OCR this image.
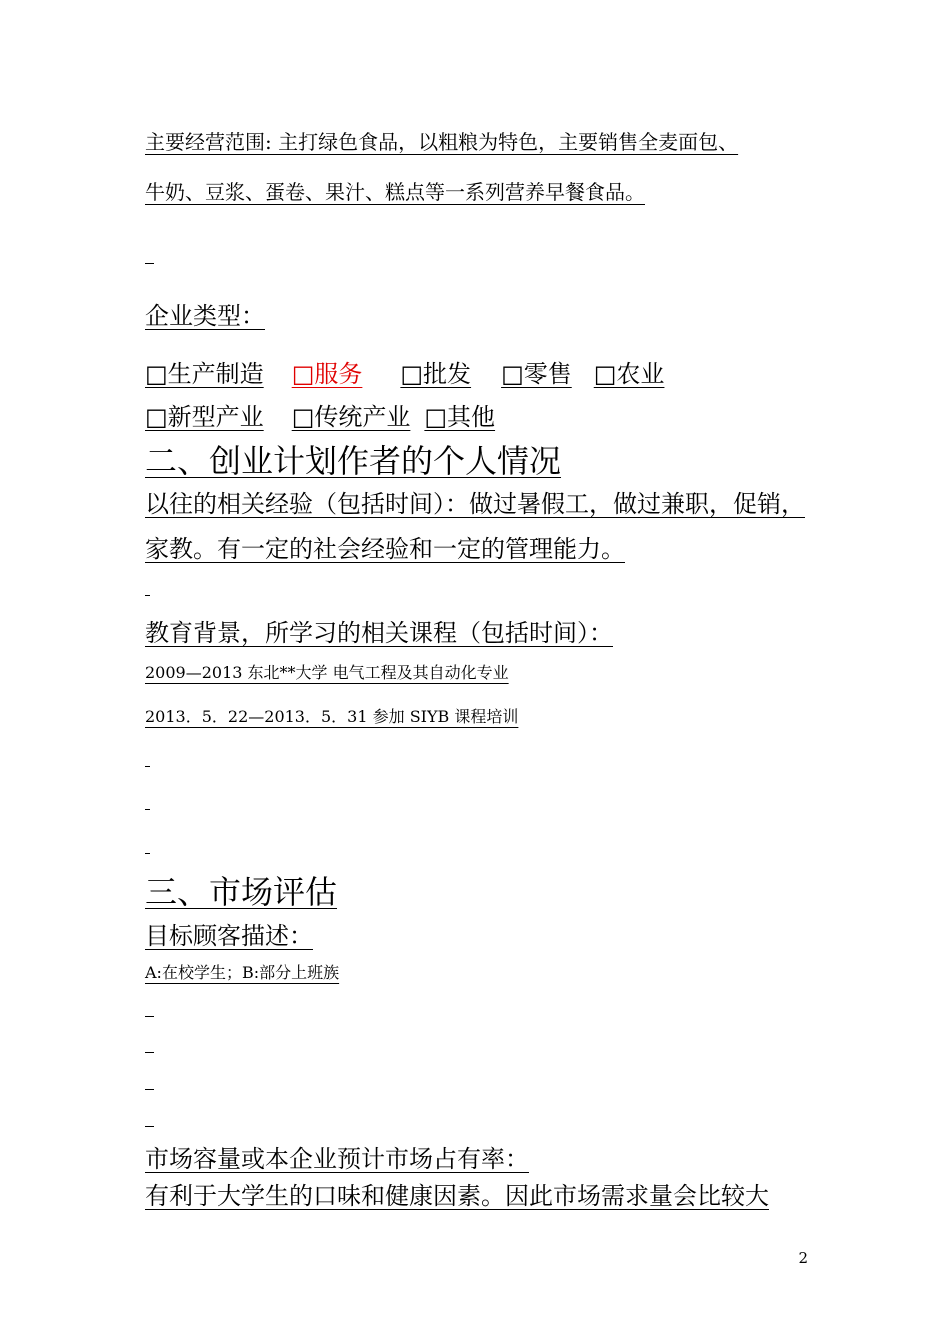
主要经营范围: 主打绿色食品，以粗粮为特色，主要销售全麦面包、
牛奶、豆浆、蛋卷、果汁、糕点等一系列营养早餐食品。
企业类型：
□生产制造 □服务 □批发 □零售 □农业
□新型产业 □传统产业 □其他
二、创业计划作者的个人情况
以往的相关经验（包括时间）：做过暑假工，做过兼职，促销，
家教。有一定的社会经验和一定的管理能力。
教育背景，所学习的相关课程（包括时间）：
2009—2013 东北**大学 电气工程及其自动化专业
2013．5．22—2013．5．31 参加 SIYB 课程培训
三、市场评估
目标顾客描述：
A:在校学生；B:部分上班族
市场容量或本企业预计市场占有率：
有利于大学生的口味和健康因素。因此市场需求量会比较大
2
